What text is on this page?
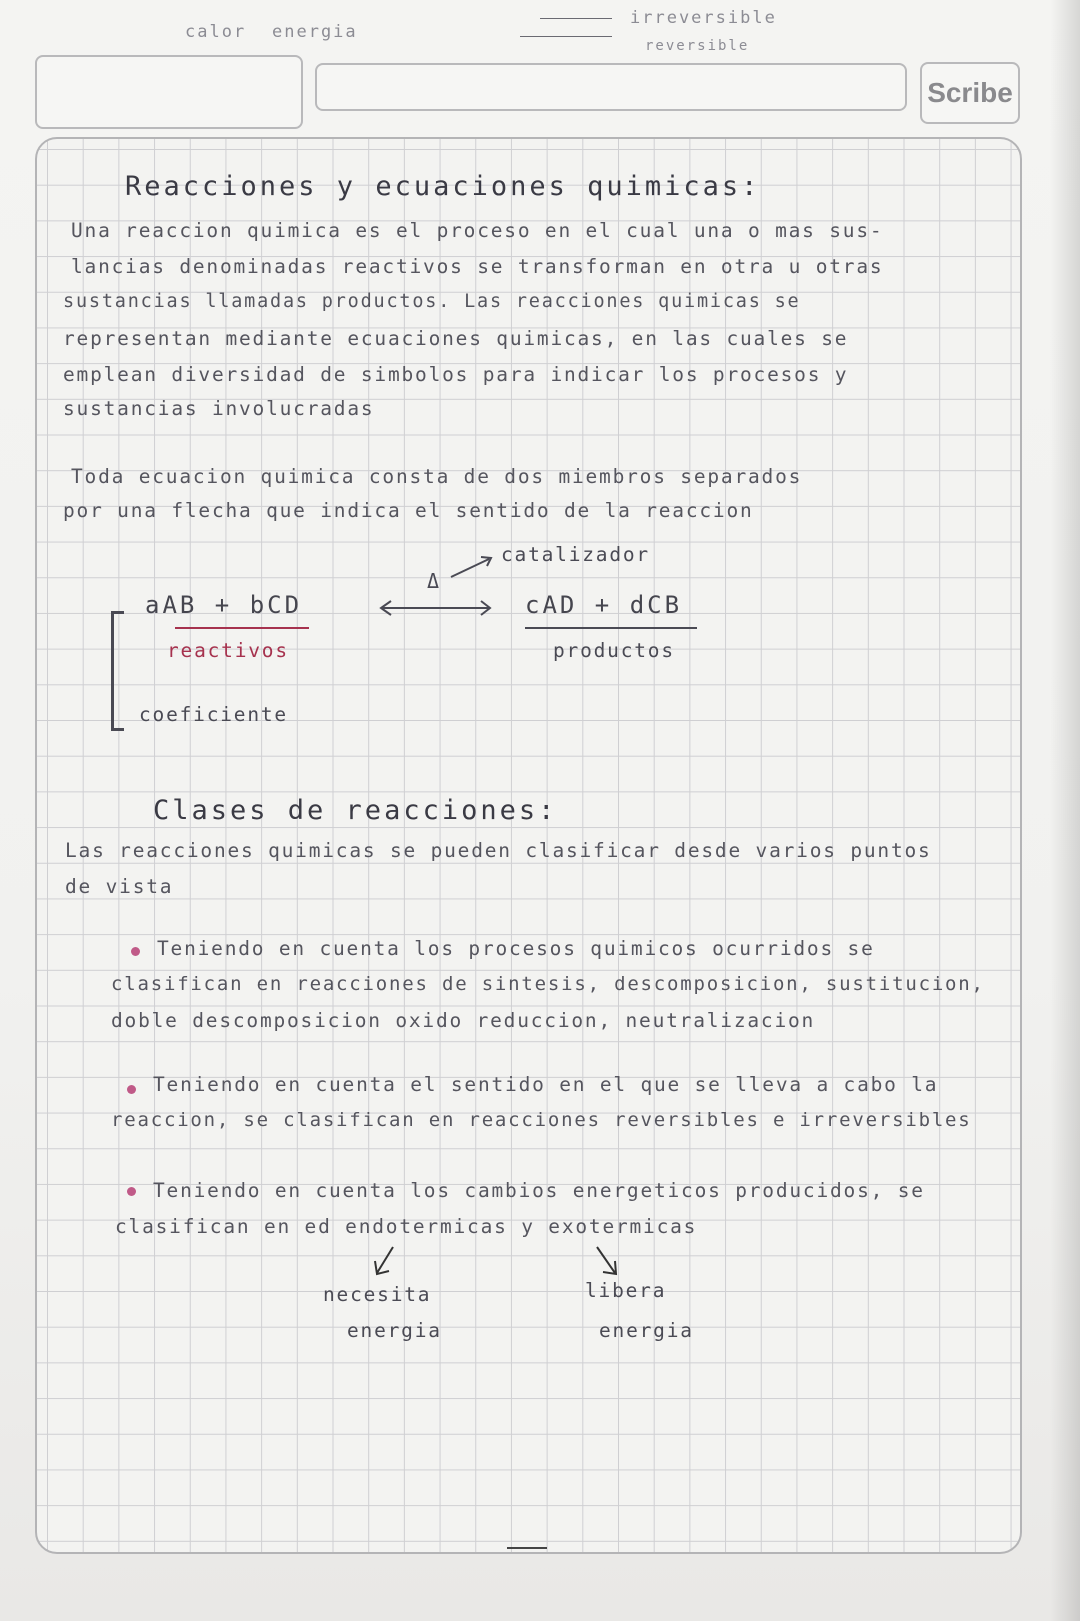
calor energia
irreversible
reversible
Scribe
Reacciones y ecuaciones quimicas:
Una reaccion quimica es el proceso en el cual una o mas sus-
lancias denominadas reactivos se transforman en otra u otras
sustancias llamadas productos. Las reacciones quimicas se
representan mediante ecuaciones quimicas, en las cuales se
emplean diversidad de simbolos para indicar los procesos y
sustancias involucradas
Toda ecuacion quimica consta de dos miembros separados
por una flecha que indica el sentido de la reaccion
Δ
catalizador
aAB + bCD	cAD + dCB
reactivos	productos
coeficiente
Clases de reacciones:
Las reacciones quimicas se pueden clasificar desde varios puntos
de vista
Teniendo en cuenta los procesos quimicos ocurridos se
clasifican en reacciones de sintesis, descomposicion, sustitucion,
doble descomposicion oxido reduccion, neutralizacion
Teniendo en cuenta el sentido en el que se lleva a cabo la
reaccion, se clasifican en reacciones reversibles e irreversibles
Teniendo en cuenta los cambios energeticos producidos, se
clasifican en ed endotermicas y exotermicas
necesita
energia
libera
energia
